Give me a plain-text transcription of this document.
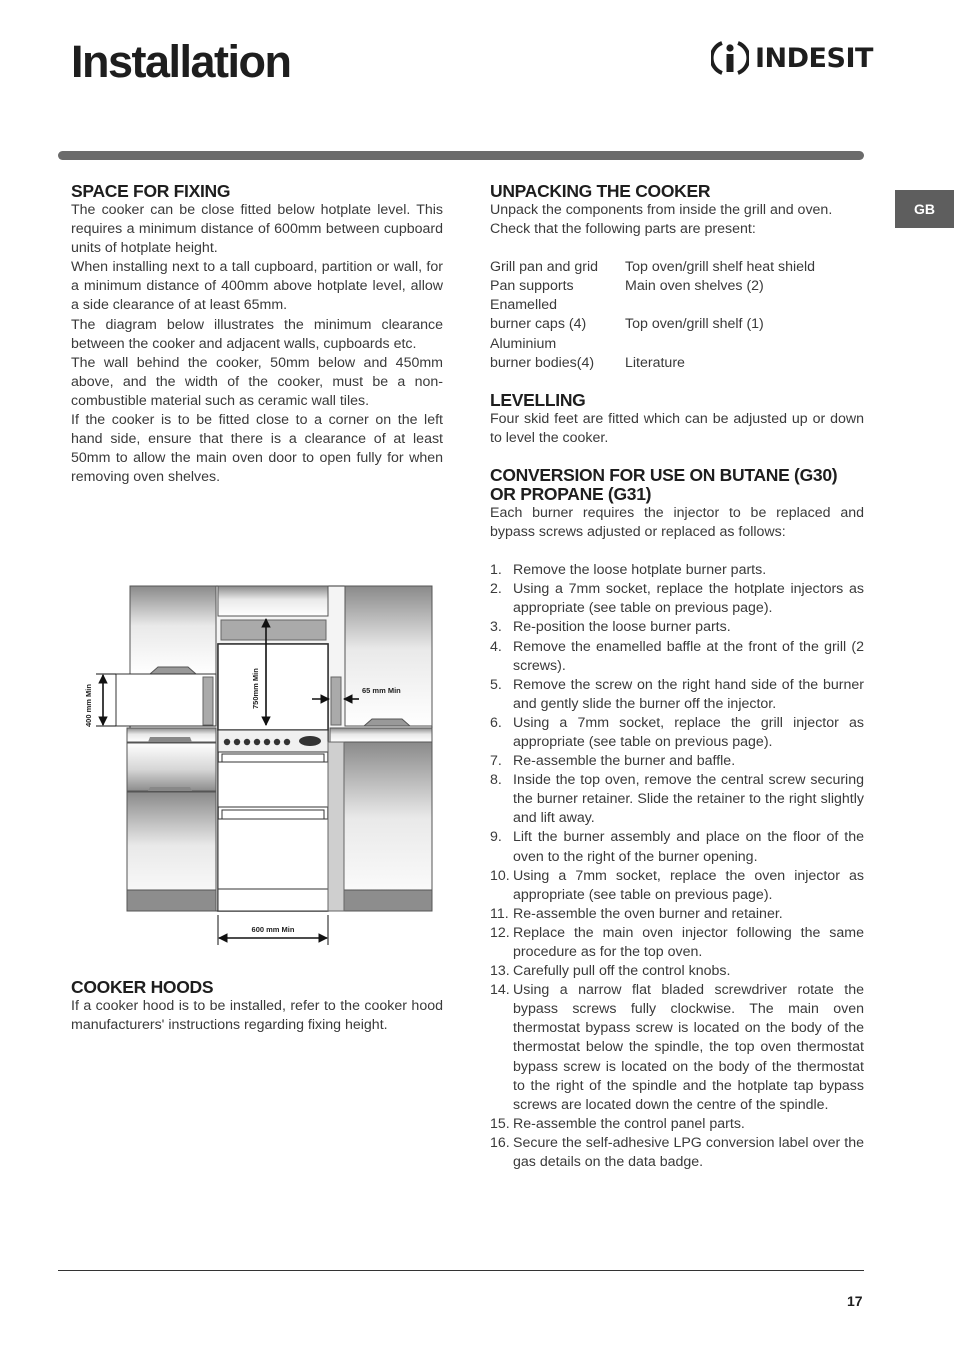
Installation	INDESIT
GB
SPACE FOR FIXING

The cooker can be close fitted below hotplate level. This requires a minimum distance of 600mm between cupboard units of hotplate height.

When installing next to a tall cupboard, partition or wall, for a minimum distance of 400mm above hotplate level, allow a side clearance of at least 65mm.

The diagram below illustrates the minimum clearance between the cooker and adjacent walls, cupboards etc.

The wall behind the cooker, 50mm below and 450mm above, and the width of the cooker, must be a non-combustible material such as ceramic wall tiles.

If the cooker is to be fitted close to a corner on the left hand side, ensure that there is a clearance of at least 50mm to allow the main oven door to open fully for when removing oven shelves.

400 mm Min	750mm Min	65 mm Min
600 mm Min
COOKER HOODS

If a cooker hood is to be installed, refer to the cooker hood manufacturers' instructions regarding fixing height.

UNPACKING THE COOKER

Unpack the components from inside the grill and oven.

Check that the following parts are present:

Grill pan and grid	Top oven/grill shelf heat shield
Pan supports	Main oven shelves (2)
Enamelled
burner caps (4)	Top oven/grill shelf (1)
Aluminium
burner bodies(4)	Literature
LEVELLING

Four skid feet are fitted which can be adjusted up or down to level the cooker.

CONVERSION FOR USE ON BUTANE (G30) OR PROPANE (G31)

Each burner requires the injector to be replaced and bypass screws adjusted or replaced as follows:

1. Remove the loose hotplate burner parts.
2. Using a 7mm socket, replace the hotplate injectors as appropriate (see table on previous page).
3. Re-position the loose burner parts.
4. Remove the enamelled baffle at the front of the grill (2 screws).
5. Remove the screw on the right hand side of the burner and gently slide the burner off the injector.
6. Using a 7mm socket, replace the grill injector as appropriate (see table on previous page).
7. Re-assemble the burner and baffle.
8. Inside the top oven, remove the central screw securing the burner retainer. Slide the retainer to the right slightly and lift away.
9. Lift the burner assembly and place on the floor of the oven to the right of the burner opening.
10. Using a 7mm socket, replace the oven injector as appropriate (see table on previous page).
11. Re-assemble the oven burner and retainer.
12. Replace the main oven injector following the same procedure as for the top oven.
13. Carefully pull off the control knobs.
14. Using a narrow flat bladed screwdriver rotate the bypass screws fully clockwise. The main oven thermostat bypass screw is located on the body of the thermostat below the spindle, the top oven thermostat bypass screw is located on the body of the thermostat to the right of the spindle and the hotplate tap bypass screws are located down the centre of the spindle.
15. Re-assemble the control panel parts.
16. Secure the self-adhesive LPG conversion label over the gas details on the data badge.
17
